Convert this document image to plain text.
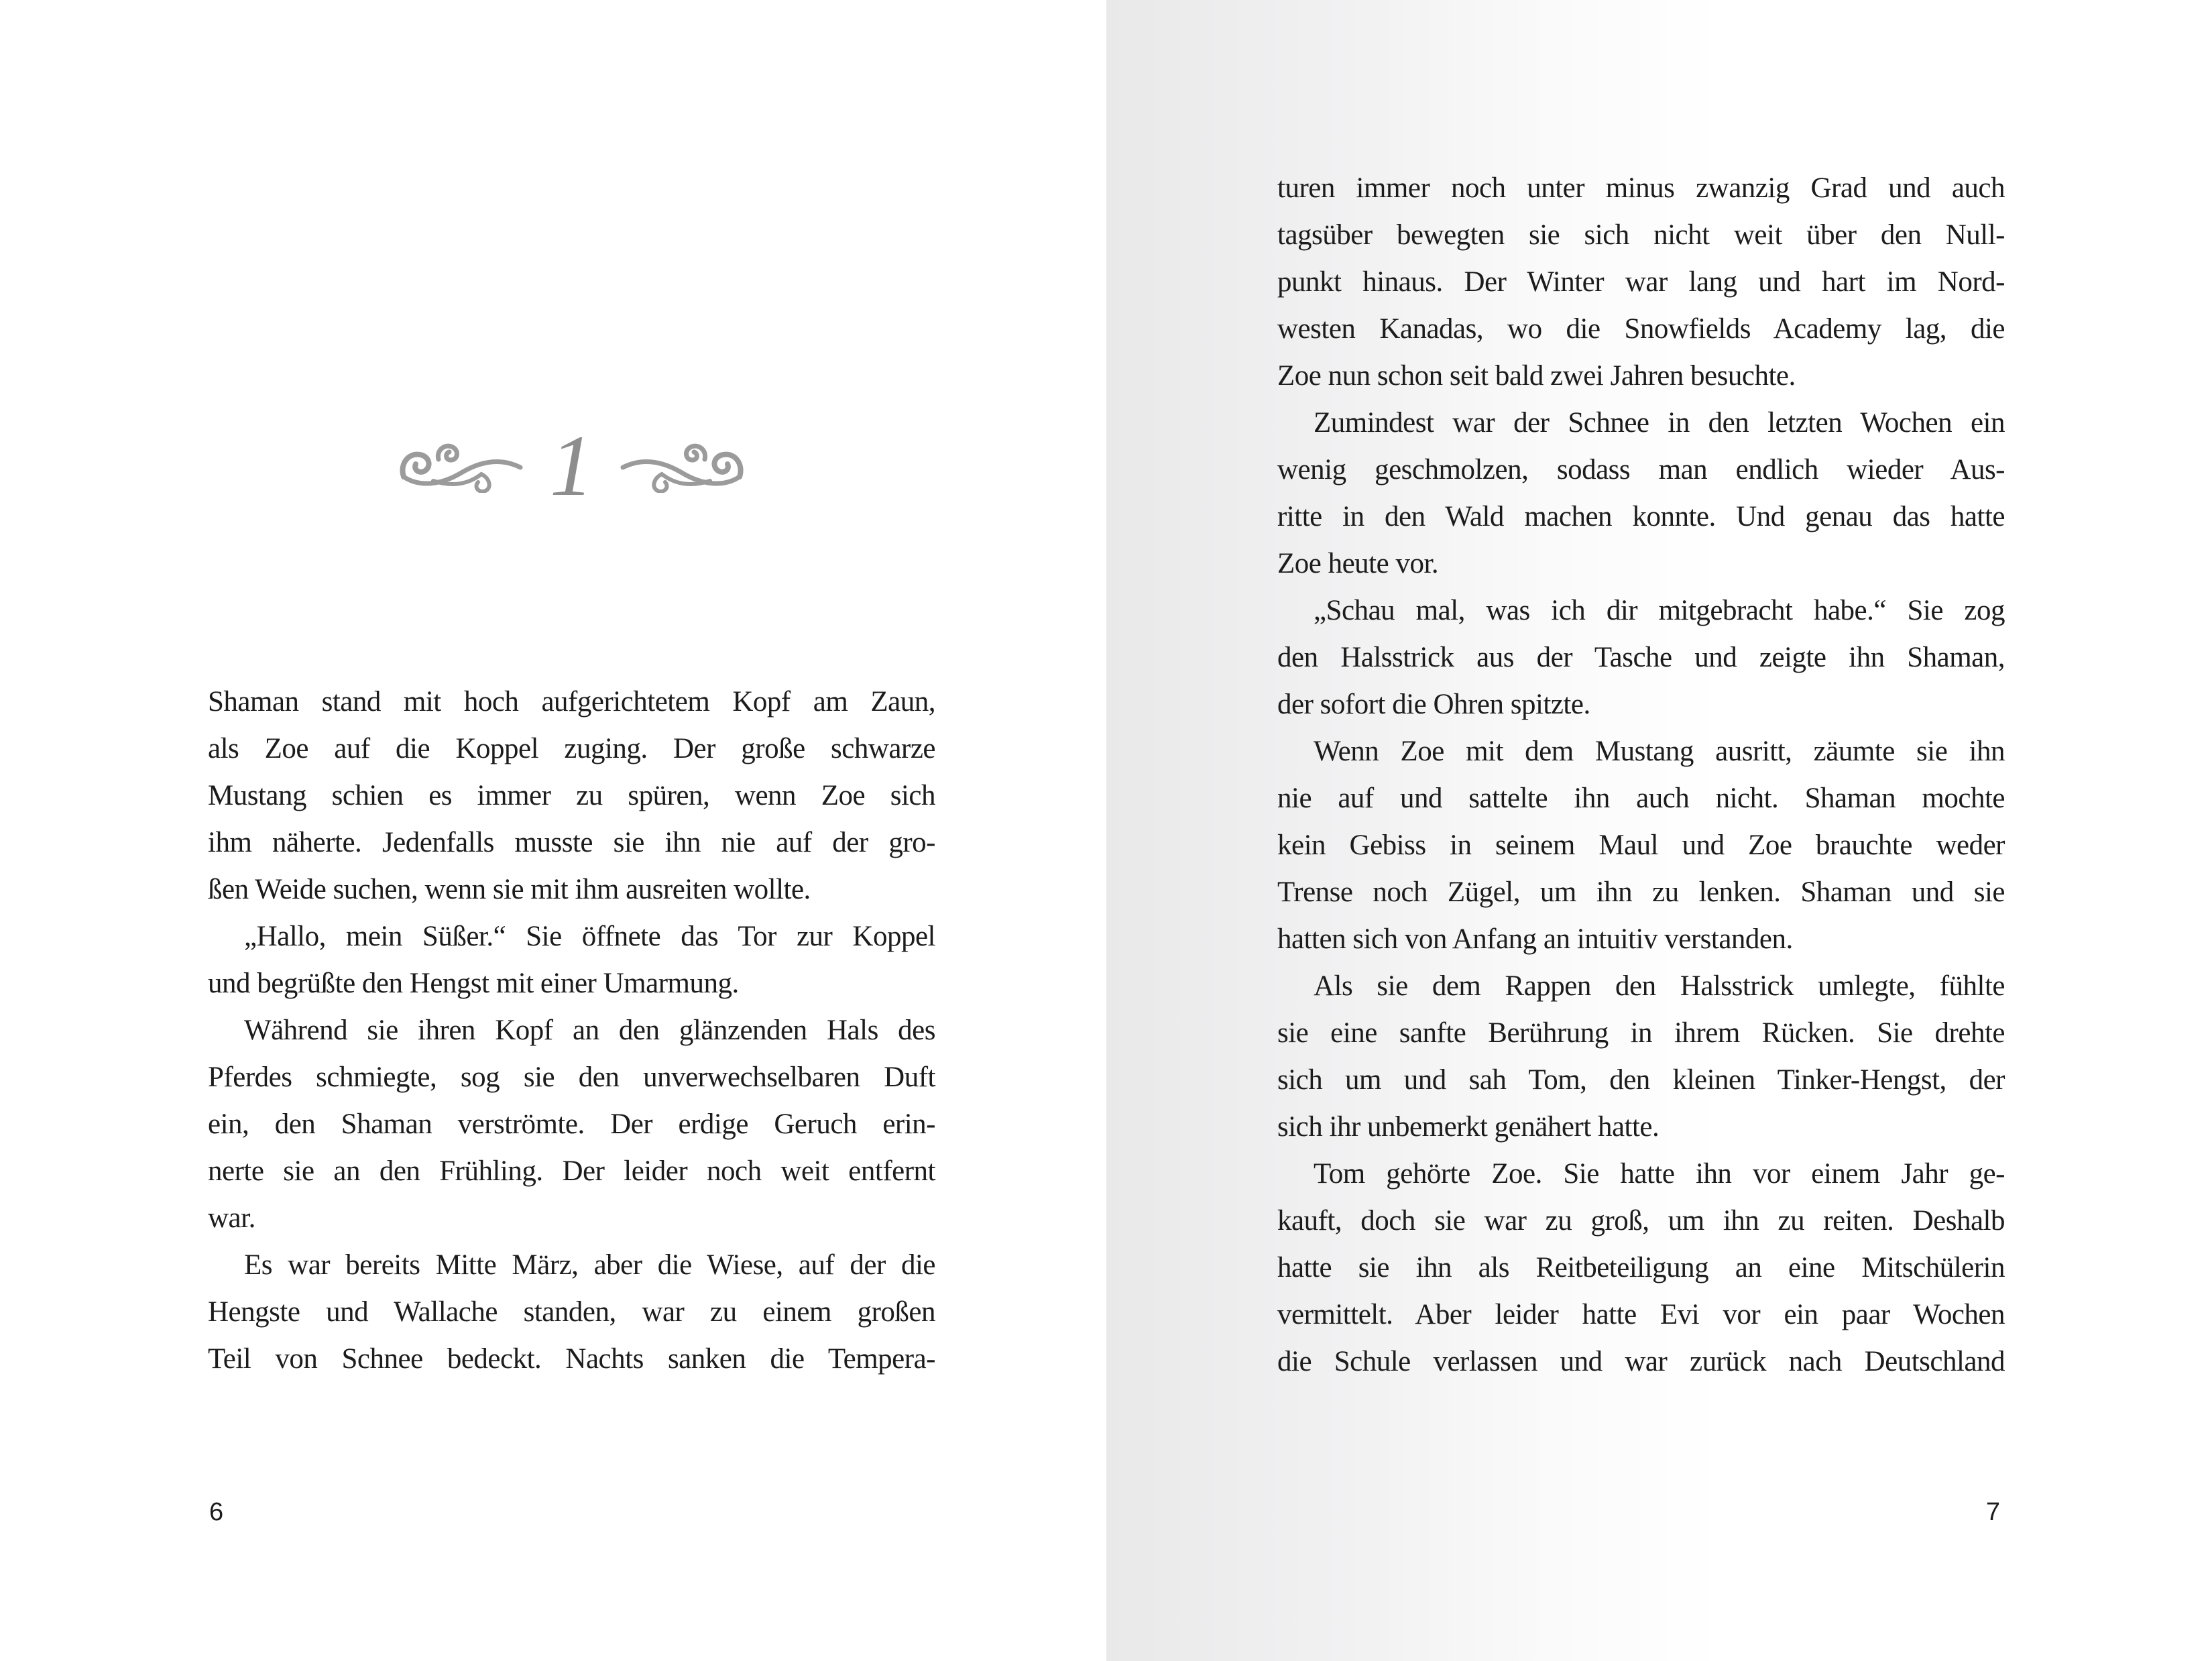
1
Shaman stand mit hoch aufgerichtetem Kopf am Zaun,
als Zoe auf die Koppel zuging. Der große schwarze
Mustang schien es immer zu spüren, wenn Zoe sich
ihm näherte. Jedenfalls musste sie ihn nie auf der gro-
ßen Weide suchen, wenn sie mit ihm ausreiten wollte.
„Hallo, mein Süßer.“ Sie öffnete das Tor zur Koppel
und begrüßte den Hengst mit einer Umarmung.
Während sie ihren Kopf an den glänzenden Hals des
Pferdes schmiegte, sog sie den unverwechselbaren Duft
ein, den Shaman verströmte. Der erdige Geruch erin-
nerte sie an den Frühling. Der leider noch weit entfernt
war.
Es war bereits Mitte März, aber die Wiese, auf der die
Hengste und Wallache standen, war zu einem großen
Teil von Schnee bedeckt. Nachts sanken die Tempera-
6
turen immer noch unter minus zwanzig Grad und auch
tagsüber bewegten sie sich nicht weit über den Null-
punkt hinaus. Der Winter war lang und hart im Nord-
westen Kanadas, wo die Snowfields Academy lag, die
Zoe nun schon seit bald zwei Jahren besuchte.
Zumindest war der Schnee in den letzten Wochen ein
wenig geschmolzen, sodass man endlich wieder Aus-
ritte in den Wald machen konnte. Und genau das hatte
Zoe heute vor.
„Schau mal, was ich dir mitgebracht habe.“ Sie zog
den Halsstrick aus der Tasche und zeigte ihn Shaman,
der sofort die Ohren spitzte.
Wenn Zoe mit dem Mustang ausritt, zäumte sie ihn
nie auf und sattelte ihn auch nicht. Shaman mochte
kein Gebiss in seinem Maul und Zoe brauchte weder
Trense noch Zügel, um ihn zu lenken. Shaman und sie
hatten sich von Anfang an intuitiv verstanden.
Als sie dem Rappen den Halsstrick umlegte, fühlte
sie eine sanfte Berührung in ihrem Rücken. Sie drehte
sich um und sah Tom, den kleinen Tinker-Hengst, der
sich ihr unbemerkt genähert hatte.
Tom gehörte Zoe. Sie hatte ihn vor einem Jahr ge-
kauft, doch sie war zu groß, um ihn zu reiten. Deshalb
hatte sie ihn als Reitbeteiligung an eine Mitschülerin
vermittelt. Aber leider hatte Evi vor ein paar Wochen
die Schule verlassen und war zurück nach Deutschland
7
